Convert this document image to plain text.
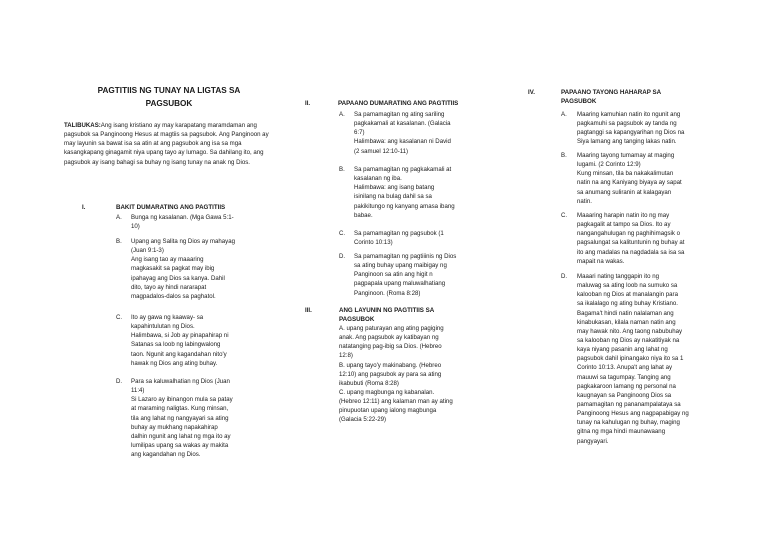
PAGTITIIS NG TUNAY NA LIGTAS SA
PAGSUBOK
TALIBUKAS:Ang isang kristiano ay may karapatang maramdaman ang pagsubok sa Panginoong Hesus at magtiis sa pagsubok. Ang Panginoon ay may layunin sa bawat isa sa atin at ang pagsubok ang isa sa mga kasangkapang ginagamit niya upang tayo ay lumago. Sa dahilang ito, ang pagsubok ay isang bahagi sa buhay ng isang tunay na anak ng Dios.
I.	BAKIT DUMARATING ANG PAGTITIIS
A. Bunga ng kasalanan. (Mga Gawa 5:1-
10)
B. Upang ang Salita ng Dios ay mahayag
(Juan 9:1-3)
Ang isang tao ay maaaring
magkasakit sa pagkat may ibig
ipahayag ang Dios sa kanya. Dahil
dito, tayo ay hindi nararapat
magpadalos-dalos sa paghatol.
C. Ito ay gawa ng kaaway- sa
kapahintulutan ng Dios.
Halimbawa, si Job ay pinapahirap ni
Satanas sa loob ng labingwalong
taon. Ngunit ang kagandahan nito'y
hawak ng Dios ang ating buhay.
D. Para sa kaluwalhatian ng Dios (Juan
11:4)
Si Lazaro ay ibinangon mula sa patay
at maraming naligtas. Kung minsan,
tila ang lahat ng nangyayari sa ating
buhay ay mukhang napakahirap
dalhin ngunit ang lahat ng mga ito ay
lumilipas upang sa wakas ay makita
ang kagandahan ng Dios.
II.	PAPAANO DUMARATING ANG PAGTITIIS
A. Sa pamamagitan ng ating sariling
pagkakamali at kasalanan. (Galacia
6:7)
Halimbawa: ang kasalanan ni David
(2 samuel 12:10-11)
B. Sa pamamagitan ng pagkakamali at
kasalanan ng iba.
Halimbawa: ang isang batang
isinilang na bulag dahil sa sa
pakikitungo ng kanyang amasa ibang
babae.
C. Sa pamamagitan ng pagsubok (1
Corinto 10:13)
D. Sa pamamagitan ng pagtiiinis ng Dios
sa ating buhay upang maibigay ng
Panginoon sa atin ang higit n
pagpapala upang maluwalhatiang
Panginoon. (Roma 8:28)
III.	ANG LAYUNIN NG PAGTITIIS SA
PAGSUBOK
A. upang paturayan ang ating pagiging
anak. Ang pagsubok ay katibayan ng
natatanging pag-ibig sa Dios. (Hebreo
12:8)
B. upang tayo'y makinabang. (Hebreo
12:10) ang pagsubok ay para sa ating
ikabubuti (Roma 8:28)
C. upang magbunga ng kabanalan.
(Hebreo 12:11) ang kalaman man ay ating
pinupuotan upang ialong magbunga
(Galacia 5:22-29)
IV.	PAPAANO TAYONG HAHARAP SA
PAGSUBOK
A. Maaring kamuhian natin ito ngunit ang
pagkamuhi sa pagsubok ay tanda ng
pagtanggi sa kapangyarihan ng Dios na
Siya lamang ang tanging lakas natin.
B. Maaring tayong tumamay at maging
lugami. (2 Corinto 12:9)
Kung minsan, tila ba nakakalimutan
natin na ang Kaniyang biyaya ay sapat
sa anumang suliranin at kalagayan
natin.
C. Maaaring harapin natin ito ng may
pagkagalit at tampo sa Dios. Ito ay
nangangahulugan ng paghihimagsik o
pagsalungat sa kalituntunin ng buhay at
ito ang madalas na nagdadala sa isa sa
mapait na wakas.
D. Maaari nating tanggapin ito ng
maluwag sa ating loob na sumuko sa
kalooban ng Dios at manalangin para
sa ikalalago ng ating buhay Kristiano.
Bagama't hindi natin nalalaman ang
kinabukasan, kilala naman natin ang
may hawak nito. Ang taong nabubuhay
sa kalooban ng Dios ay nakatitiyak na
kaya niyang pasanin ang lahat ng
pagsubok dahil ipinangako niya ito sa 1
Corinto 10:13. Anupa't ang lahat ay
mauuwi sa tagumpay. Tanging ang
pagkakaroon lamang ng personal na
kaugnayan sa Panginoong Dios sa
pamamagitan ng pananampalataya sa
Panginoong Hesus ang nagpapabigay ng
tunay na kahulugan ng buhay, maging
gitna ng mga hindi maunawaang
pangyayari.
